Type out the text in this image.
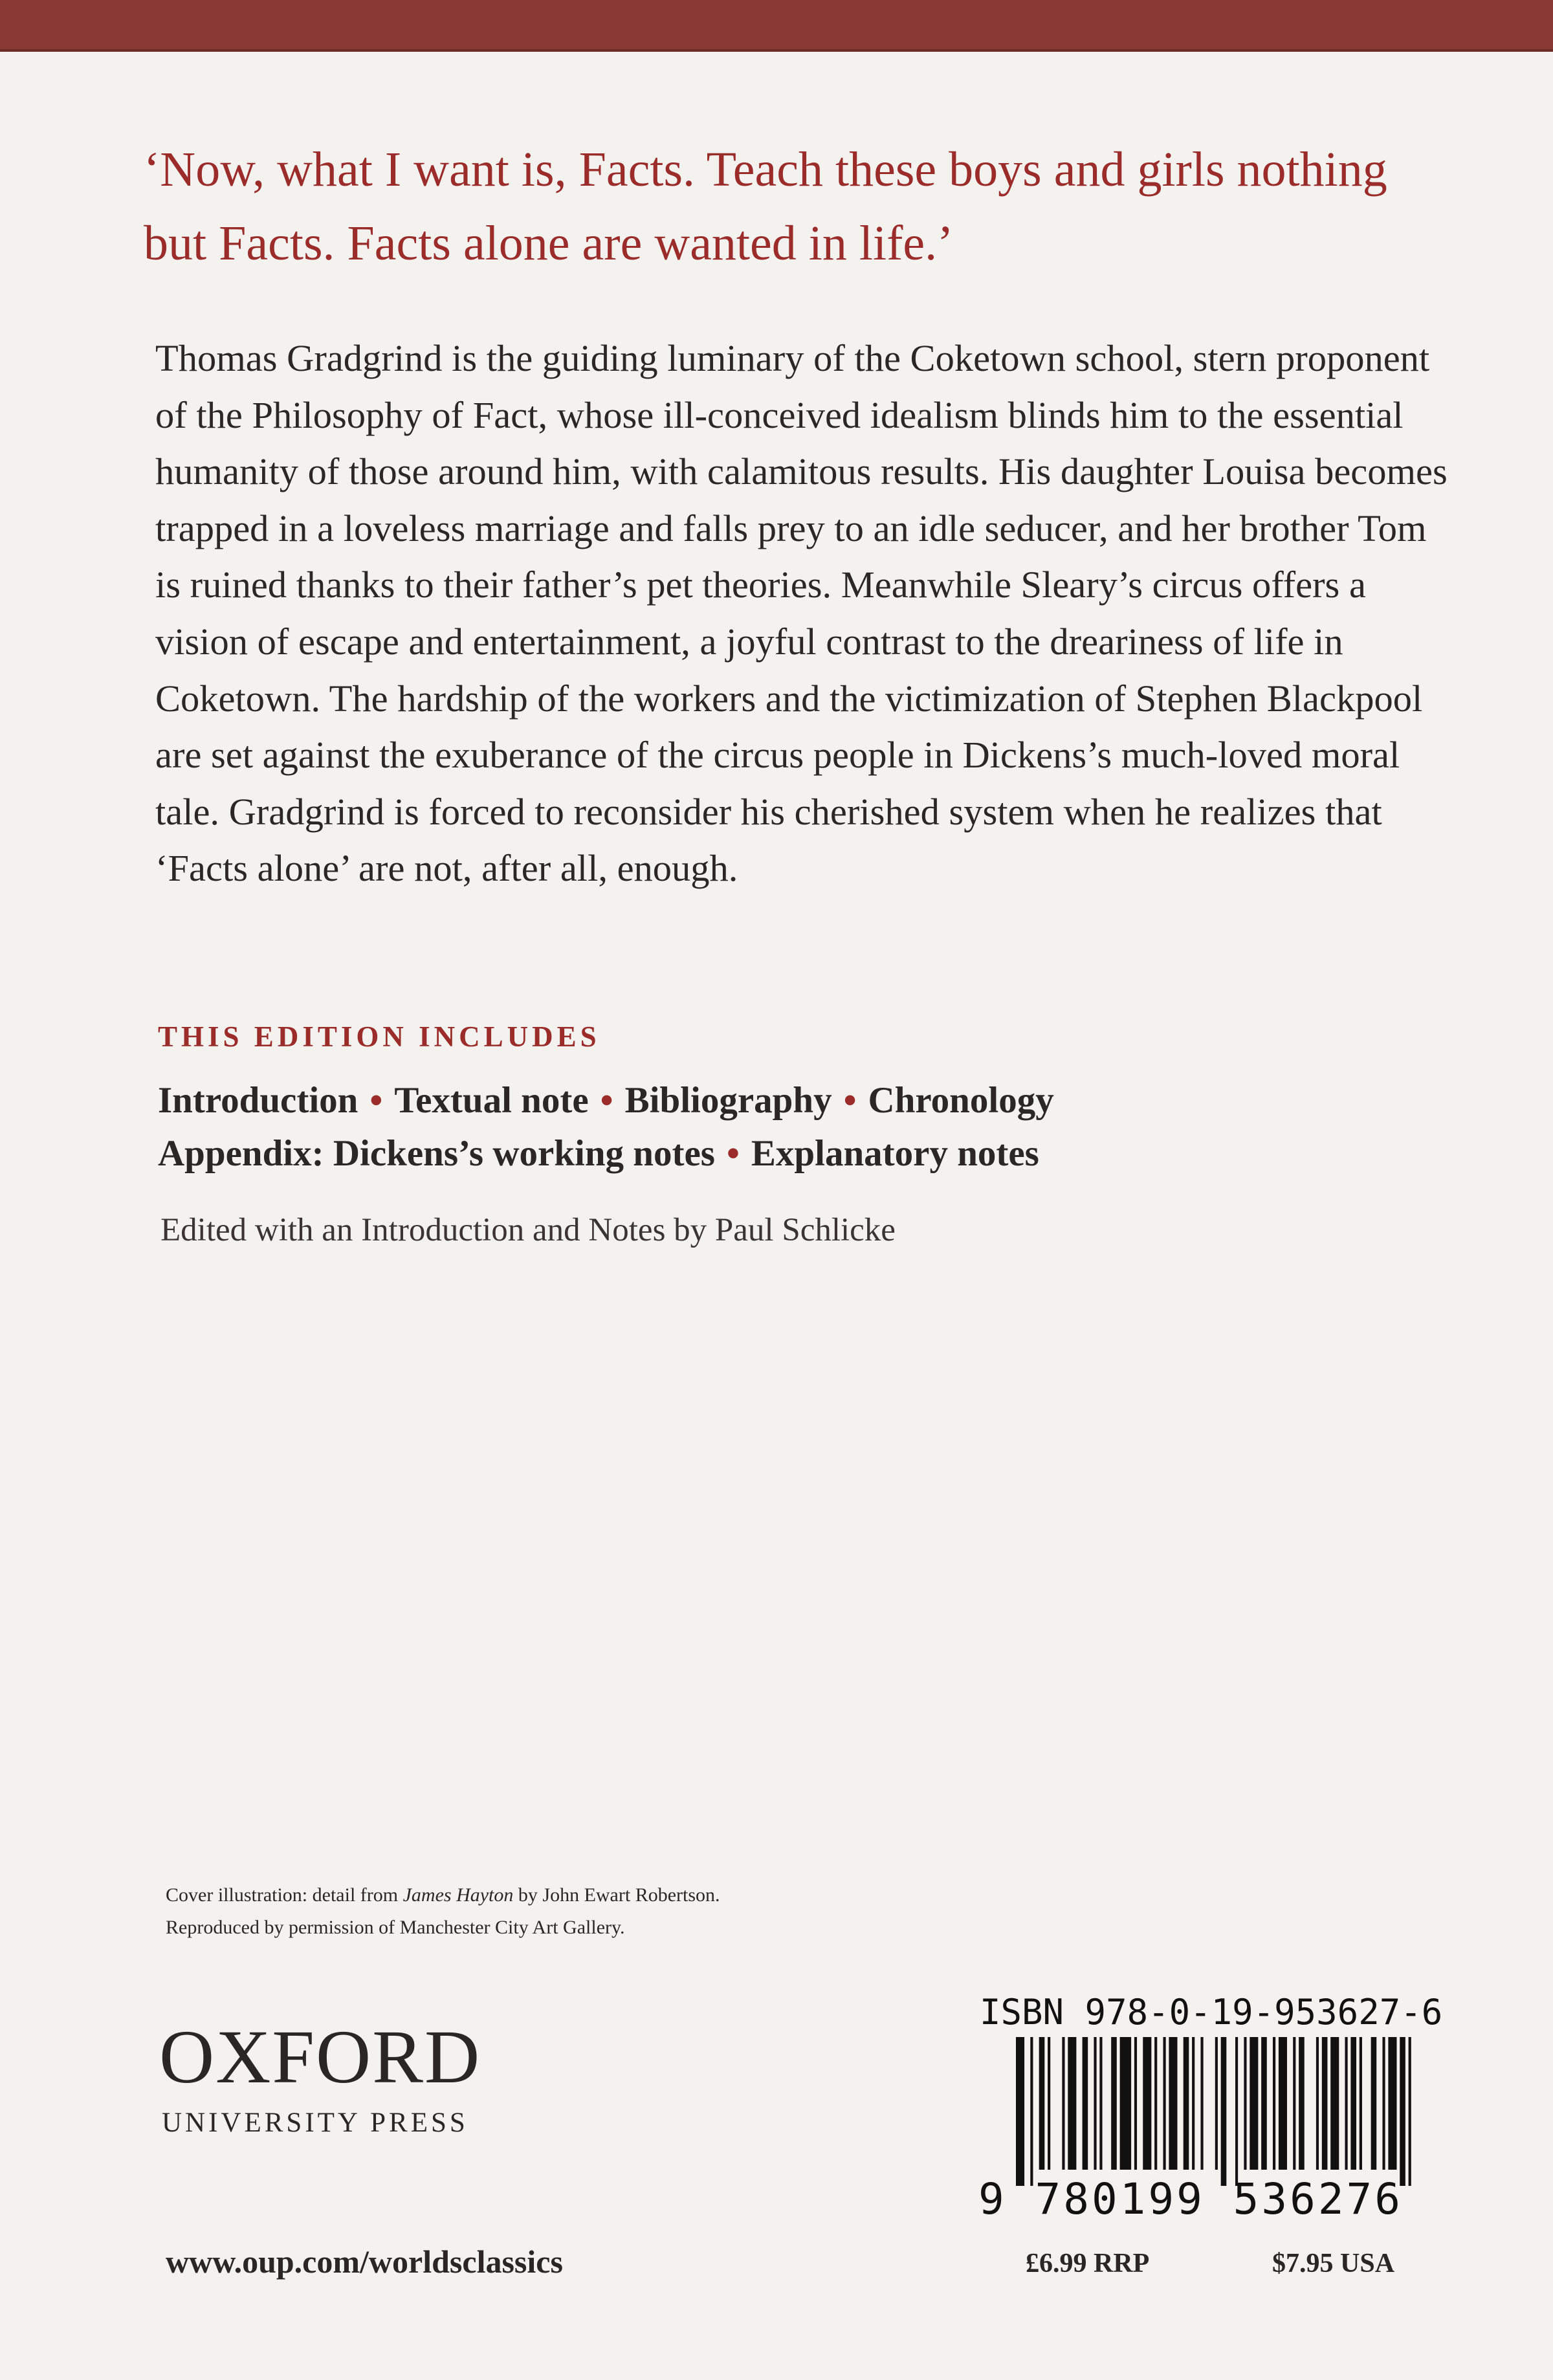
‘Now, what I want is, Facts. Teach these boys and girls nothing but Facts. Facts alone are wanted in life.’

Thomas Gradgrind is the guiding luminary of the Coketown school, stern proponent of the Philosophy of Fact, whose ill-conceived idealism blinds him to the essential humanity of those around him, with calamitous results. His daughter Louisa becomes trapped in a loveless marriage and falls prey to an idle seducer, and her brother Tom is ruined thanks to their father’s pet theories. Meanwhile Sleary’s circus offers a vision of escape and entertainment, a joyful contrast to the dreariness of life in Coketown. The hardship of the workers and the victimization of Stephen Blackpool are set against the exuberance of the circus people in Dickens’s much-loved moral tale. Gradgrind is forced to reconsider his cherished system when he realizes that ‘Facts alone’ are not, after all, enough.

THIS EDITION INCLUDES
Introduction • Textual note • Bibliography • Chronology
Appendix: Dickens’s working notes • Explanatory notes
Edited with an Introduction and Notes by Paul Schlicke
Cover illustration: detail from James Hayton by John Ewart Robertson.
Reproduced by permission of Manchester City Art Gallery.
OXFORD
UNIVERSITY PRESS
www.oup.com/worldsclassics
ISBN 978-0-19-953627-6
9 780199 536276
£6.99 RRP	$7.95 USA
